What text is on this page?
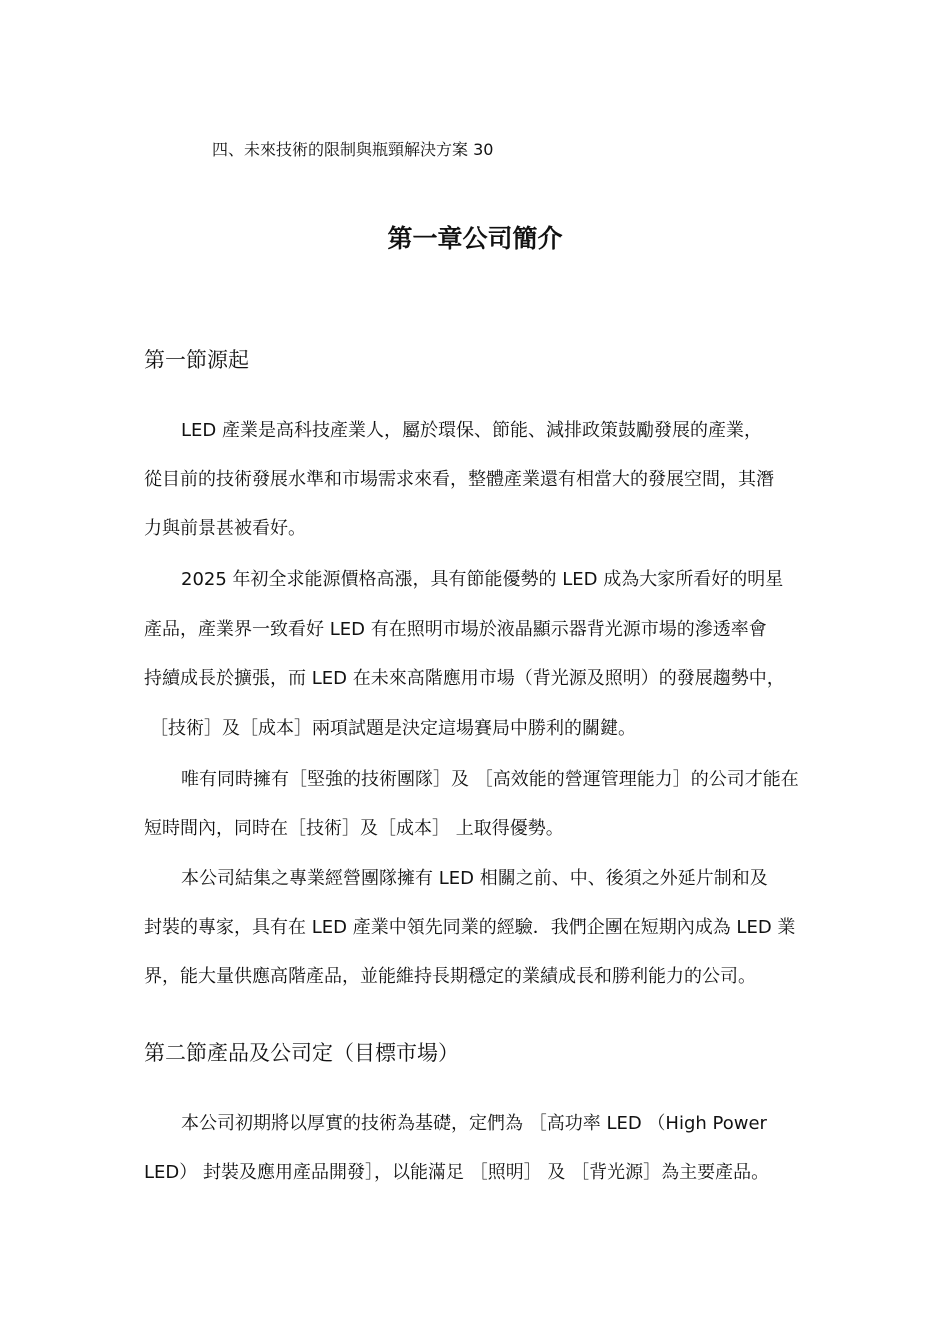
四、未來技術的限制與瓶頸解決方案 30
第一章公司簡介
第一節源起
LED 產業是高科技產業人，屬於環保、節能、減排政策鼓勵發展的產業，
從目前的技術發展水準和市場需求來看，整體產業還有相當大的發展空間，其潛
力與前景甚被看好。
2025 年初全求能源價格高漲，具有節能優勢的 LED 成為大家所看好的明星
產品，產業界一致看好 LED 有在照明市場於液晶顯示器背光源市場的滲透率會
持續成長於擴張，而 LED 在未來高階應用市場（背光源及照明）的發展趨勢中，
［技術］及［成本］兩項試題是決定這場賽局中勝利的關鍵。
唯有同時擁有［堅強的技術團隊］及 ［高效能的營運管理能力］的公司才能在
短時間內，同時在［技術］及［成本］ 上取得優勢。
本公司結集之專業經營團隊擁有 LED 相關之前、中、後須之外延片制和及
封裝的專家，具有在 LED 產業中領先同業的經驗．我們企團在短期內成為 LED 業
界，能大量供應高階產品，並能維持長期穩定的業績成長和勝利能力的公司。
第二節產品及公司定（目標市場）
本公司初期將以厚實的技術為基礎，定們為 ［高功率 LED （High Power
LED） 封裝及應用產品開發］，以能滿足 ［照明］ 及 ［背光源］為主要產品。
